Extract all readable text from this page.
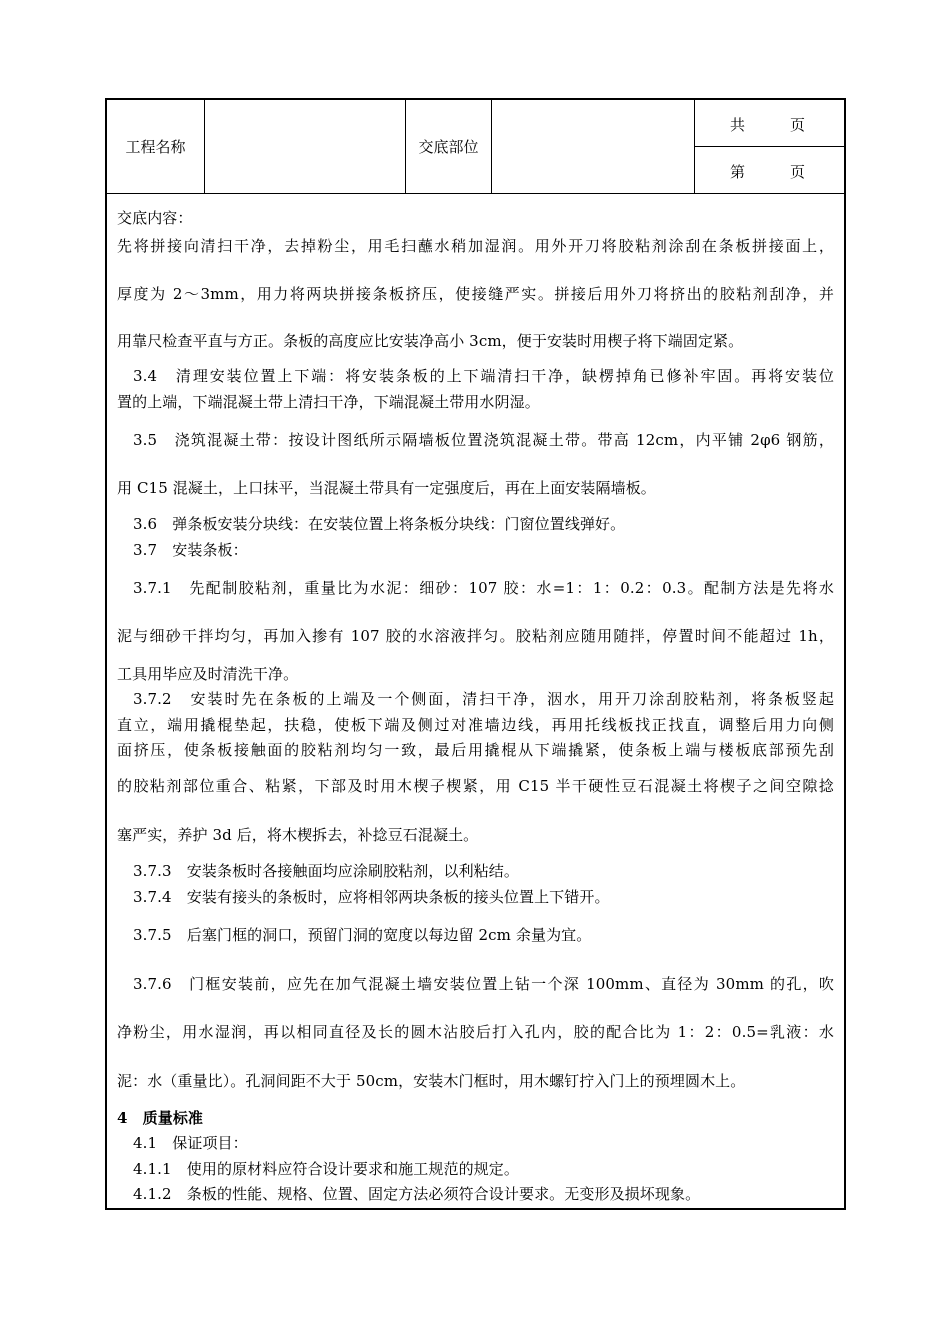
工程名称	交底部位
共　　　页
第　　　页
交底内容：
先将拼接向清扫干净，去掉粉尘，用毛扫蘸水稍加湿润。用外开刀将胶粘剂涂刮在条板拼接面上，
厚度为 2～3mm，用力将两块拼接条板挤压，使接缝严实。拼接后用外刀将挤出的胶粘剂刮净，并
用靠尺检查平直与方正。条板的高度应比安装净高小 3cm，便于安装时用楔子将下端固定紧。
3.4　清理安装位置上下端：将安装条板的上下端清扫干净，缺楞掉角已修补牢固。再将安装位
置的上端，下端混凝土带上清扫干净，下端混凝土带用水阴湿。
3.5　浇筑混凝土带：按设计图纸所示隔墙板位置浇筑混凝土带。带高 12cm，内平铺 2φ6 钢筋，
用 C15 混凝土，上口抹平，当混凝土带具有一定强度后，再在上面安装隔墙板。
3.6　弹条板安装分块线：在安装位置上将条板分块线：门窗位置线弹好。
3.7　安装条板：
3.7.1　先配制胶粘剂，重量比为水泥：细砂：107 胶：水=1：1：0.2：0.3。配制方法是先将水
泥与细砂干拌均匀，再加入掺有 107 胶的水溶液拌匀。胶粘剂应随用随拌，停置时间不能超过 1h，
工具用毕应及时清洗干净。
3.7.2　安装时先在条板的上端及一个侧面，清扫干净，洇水，用开刀涂刮胶粘剂，将条板竖起
直立，端用撬棍垫起，扶稳，使板下端及侧过对准墙边线，再用托线板找正找直，调整后用力向侧
面挤压，使条板接触面的胶粘剂均匀一致，最后用撬棍从下端撬紧，使条板上端与楼板底部预先刮
的胶粘剂部位重合、粘紧，下部及时用木楔子楔紧，用 C15 半干硬性豆石混凝土将楔子之间空隙捻
塞严实，养护 3d 后，将木楔拆去，补捻豆石混凝土。
3.7.3　安装条板时各接触面均应涂刷胶粘剂，以利粘结。
3.7.4　安装有接头的条板时，应将相邻两块条板的接头位置上下错开。
3.7.5　后塞门框的洞口，预留门洞的宽度以每边留 2cm 余量为宜。
3.7.6　门框安装前，应先在加气混凝土墙安装位置上钻一个深 100mm、直径为 30mm 的孔，吹
净粉尘，用水湿润，再以相同直径及长的圆木沾胶后打入孔内，胶的配合比为 1：2：0.5=乳液：水
泥：水（重量比）。孔洞间距不大于 50cm，安装木门框时，用木螺钉拧入门上的预埋圆木上。
4　质量标准
4.1　保证项目：
4.1.1　使用的原材料应符合设计要求和施工规范的规定。
4.1.2　条板的性能、规格、位置、固定方法必须符合设计要求。无变形及损坏现象。
